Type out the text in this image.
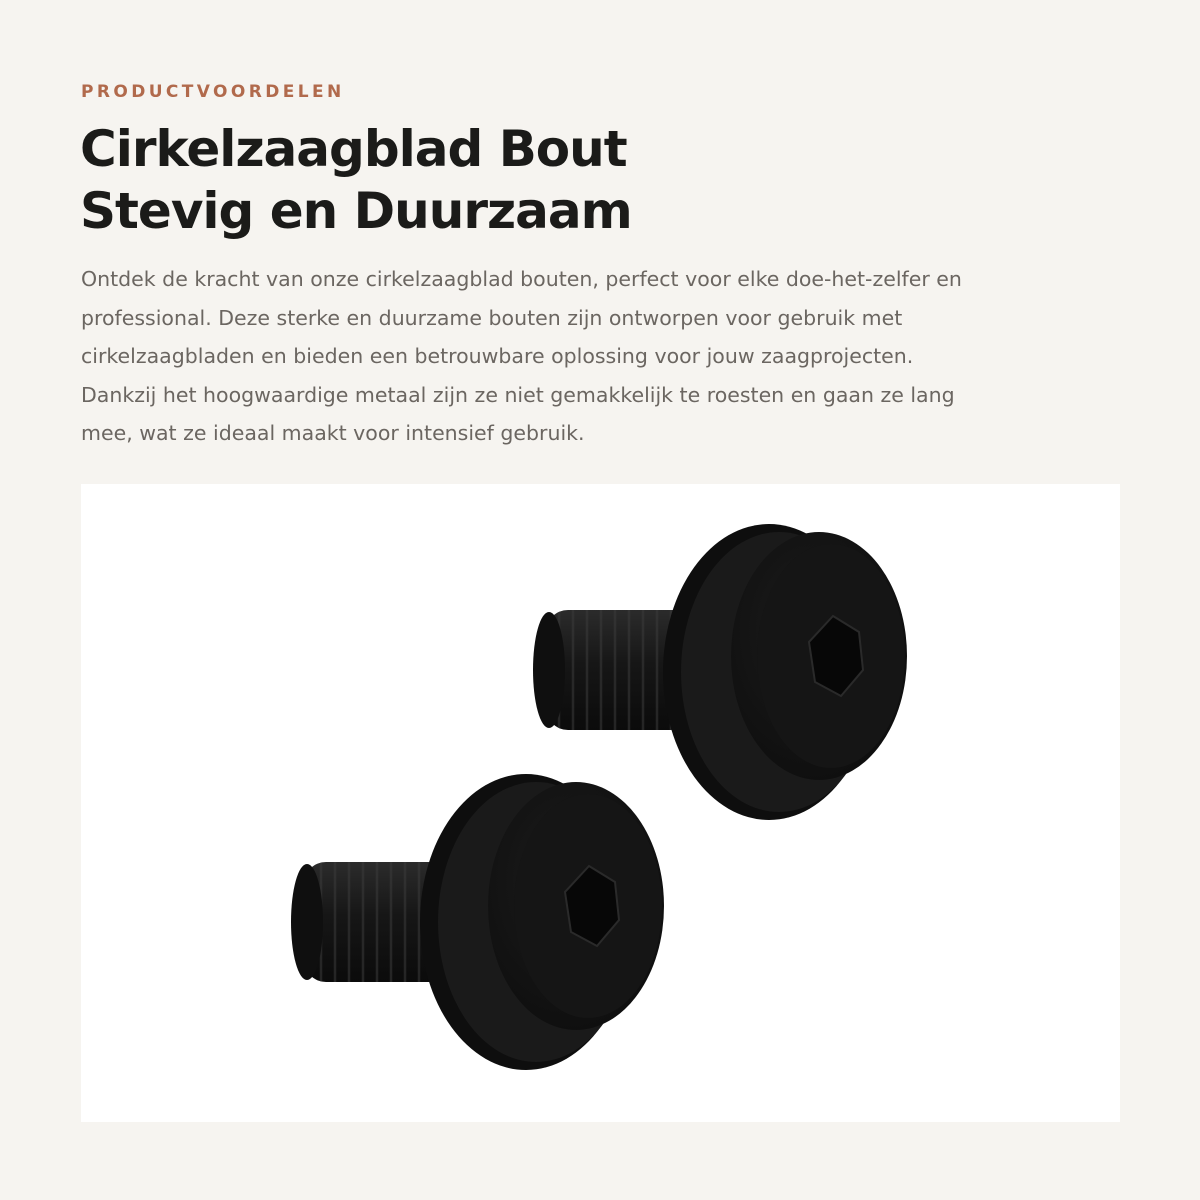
PRODUCTVOORDELEN
Cirkelzaagblad Bout
Stevig en Duurzaam

Ontdek de kracht van onze cirkelzaagblad bouten, perfect voor elke doe-het-zelfer en
professional. Deze sterke en duurzame bouten zijn ontworpen voor gebruik met
cirkelzaagbladen en bieden een betrouwbare oplossing voor jouw zaagprojecten.
Dankzij het hoogwaardige metaal zijn ze niet gemakkelijk te roesten en gaan ze lang
mee, wat ze ideaal maakt voor intensief gebruik.
